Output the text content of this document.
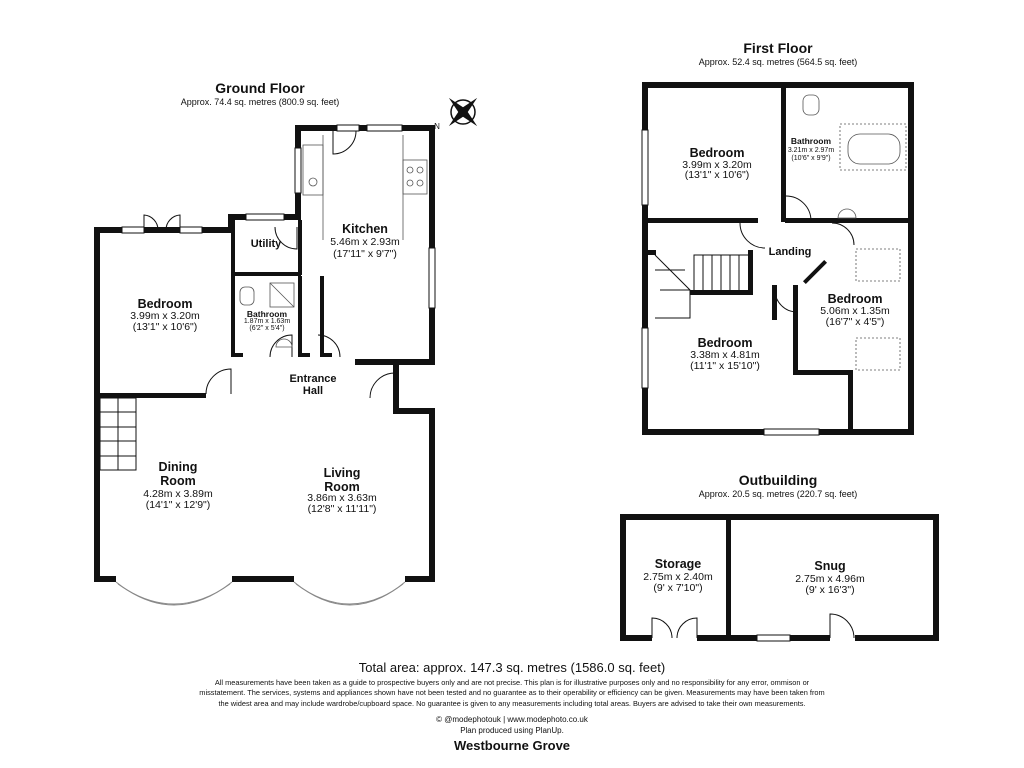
Ground Floor
Approx. 74.4 sq. metres (800.9 sq. feet)
Kitchen
5.46m x 2.93m
(17'11" x 9'7")
Utility
Bedroom
3.99m x 3.20m
(13'1" x 10'6")
Bathroom
1.87m x 1.63m
(6'2" x 5'4")
Entrance
Hall
Dining
Room
4.28m x 3.89m
(14'1" x 12'9")
Living
Room
3.86m x 3.63m
(12'8" x 11'11")
N
First Floor
Approx. 52.4 sq. metres (564.5 sq. feet)
Bedroom
3.99m x 3.20m
(13'1" x 10'6")
Bathroom
3.21m x 2.97m
(10'6" x 9'9")
Landing
Bedroom
5.06m x 1.35m
(16'7" x 4'5")
Bedroom
3.38m x 4.81m
(11'1" x 15'10")
Outbuilding
Approx. 20.5 sq. metres (220.7 sq. feet)
Storage
2.75m x 2.40m
(9' x 7'10")
Snug
2.75m x 4.96m
(9' x 16'3")
Total area: approx. 147.3 sq. metres (1586.0 sq. feet)
All measurements have been taken as a guide to prospective buyers only and are not precise. This plan is for illustrative purposes only and no responsibility for any error, ommison or misstatement. The services, systems and appliances shown have not been tested and no guarantee as to their operability or efficiency can be given. Measurements may have been taken from the widest area and may include wardrobe/cupboard space. No guarantee is given to any measurements including total areas. Buyers are advised to take their own measurements.
© @modephotouk | www.modephoto.co.uk
Plan produced using PlanUp.
Westbourne Grove
